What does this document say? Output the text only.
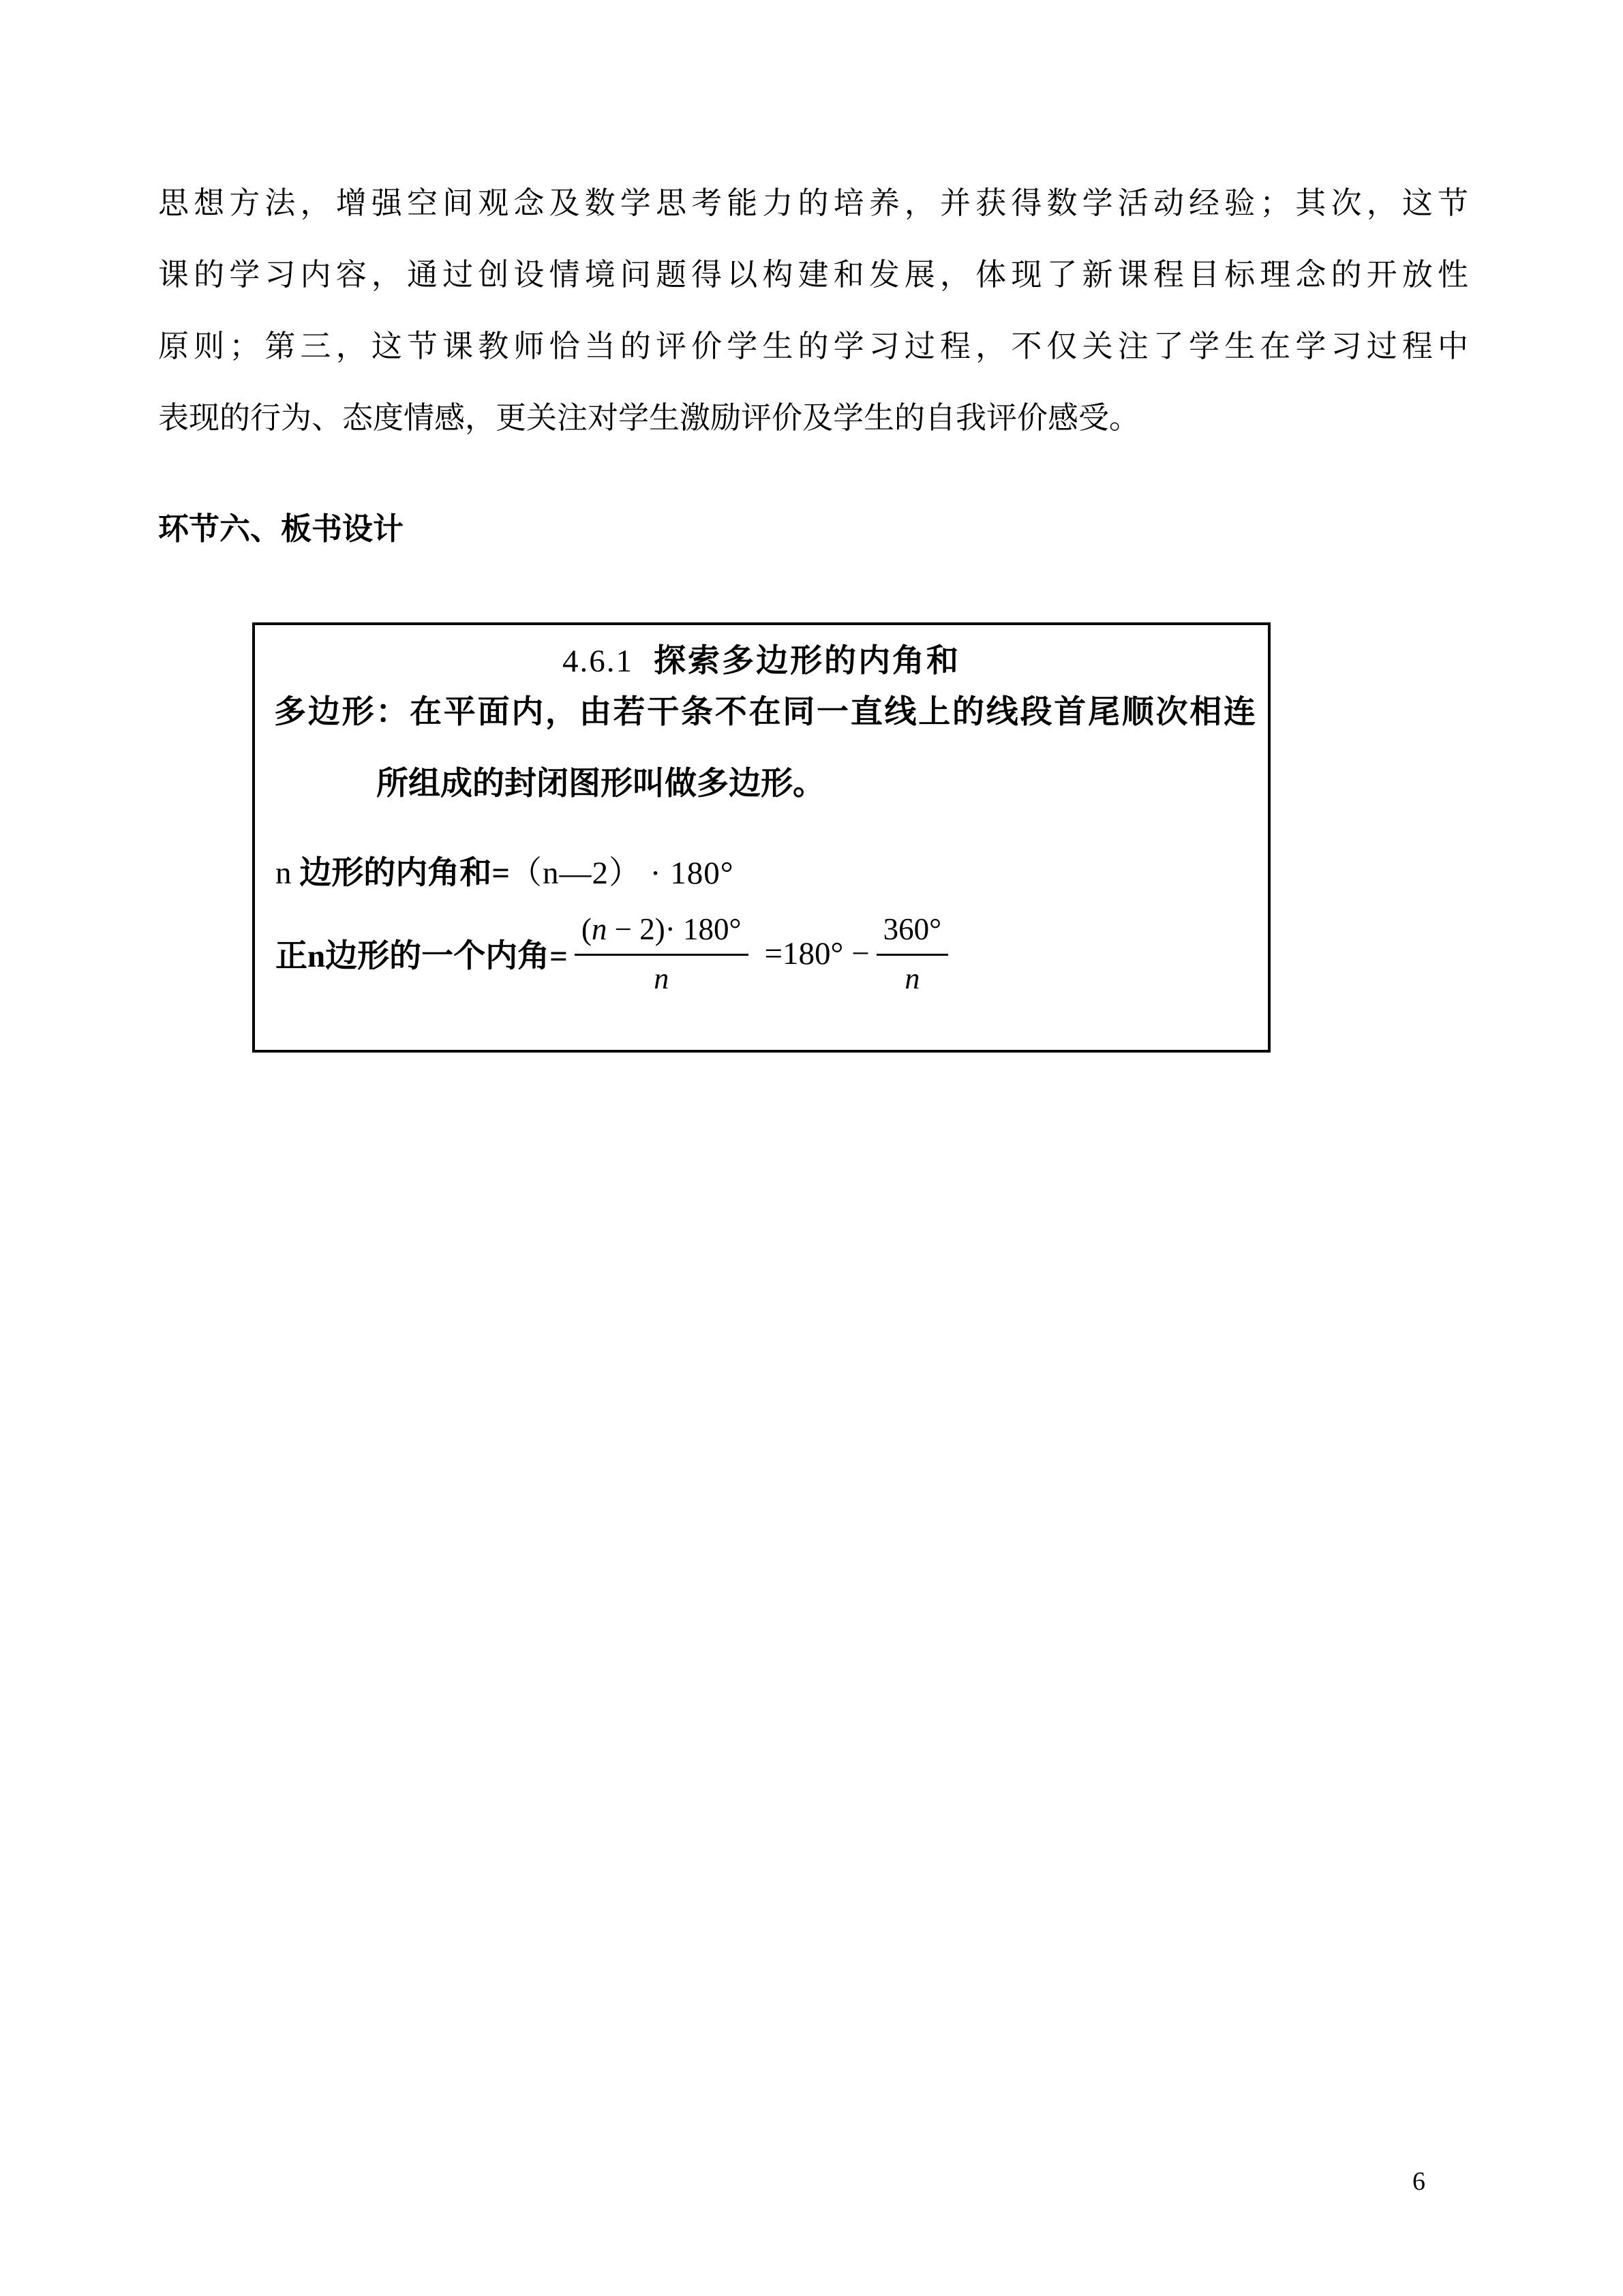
思想方法，增强空间观念及数学思考能力的培养，并获得数学活动经验；其次，这节
课的学习内容，通过创设情境问题得以构建和发展，体现了新课程目标理念的开放性
原则；第三，这节课教师恰当的评价学生的学习过程，不仅关注了学生在学习过程中
表现的行为、态度情感，更关注对学生激励评价及学生的自我评价感受。
环节六、板书设计
4.6.1 探索多边形的内角和
多边形：在平面内，由若干条不在同一直线上的线段首尾顺次相连
所组成的封闭图形叫做多边形。
n 边形的内角和=（n—2） · 180°
正n边形的一个内角= $\frac{(n - 2)\cdot 180^\circ}{n} =180^\circ - \frac{360^\circ}{n}$
6
